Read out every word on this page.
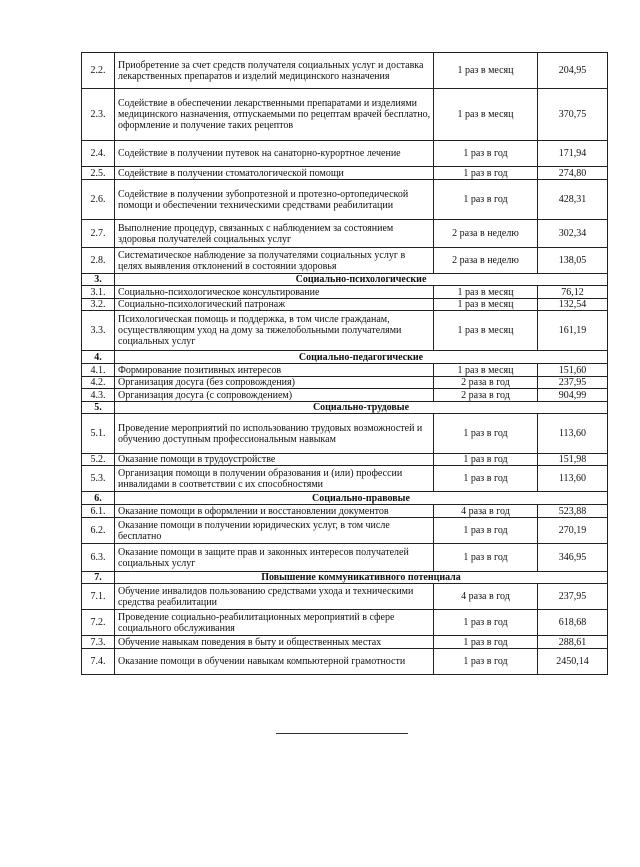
2.2.	Приобретение за счет средств получателя социальных услуг и доставка лекарственных препаратов и изделий медицинского назначения	1 раз в месяц	204,95
2.3.	Содействие в обеспечении лекарственными препаратами и изделиями медицинского назначения, отпускаемыми по рецептам врачей бесплатно, оформление и получение таких рецептов	1 раз в месяц	370,75
2.4.	Содействие в получении путевок на санаторно-курортное лечение	1 раз в год	171,94
2.5.	Содействие в получении стоматологической помощи	1 раз в год	274,80
2.6.	Содействие в получении зубопротезной и протезно-ортопедической помощи и обеспечении техническими средствами реабилитации	1 раз в год	428,31
2.7.	Выполнение процедур, связанных с наблюдением за состоянием здоровья получателей социальных услуг	2 раза в неделю	302,34
2.8.	Систематическое наблюдение за получателями социальных услуг в целях выявления отклонений в состоянии здоровья	2 раза в неделю	138,05
3.	Социально-психологические		
3.1.	Социально-психологическое консультирование	1 раз в месяц	76,12
3.2.	Социально-психологический патронаж	1 раз в месяц	132,54
3.3.	Психологическая помощь и поддержка, в том числе гражданам, осуществляющим уход на дому за тяжелобольными получателями социальных услуг	1 раз в месяц	161,19
4.	Социально-педагогические		
4.1.	Формирование позитивных интересов	1 раз в месяц	151,60
4.2.	Организация досуга (без сопровождения)	2 раза в год	237,95
4.3.	Организация досуга (с сопровождением)	2 раза в год	904,99
5.	Социально-трудовые		
5.1.	Проведение мероприятий по использованию трудовых возможностей и обучению доступным профессиональным навыкам	1 раз в год	113,60
5.2.	Оказание помощи в трудоустройстве	1 раз в год	151,98
5.3.	Организация помощи в получении образования и (или) профессии инвалидами в соответствии с их способностями	1 раз в год	113,60
6.	Социально-правовые		
6.1.	Оказание помощи в оформлении и восстановлении документов	4 раза в год	523,88
6.2.	Оказание помощи в получении юридических услуг, в том числе бесплатно	1 раз в год	270,19
6.3.	Оказание помощи в защите прав и законных интересов получателей социальных услуг	1 раз в год	346,95
7.	Повышение коммуникативного потенциала		
7.1.	Обучение инвалидов пользованию средствами ухода и техническими средства реабилитации	4 раза в год	237,95
7.2.	Проведение социально-реабилитационных мероприятий в сфере социального обслуживания	1 раз в год	618,68
7.3.	Обучение навыкам поведения в быту и общественных местах	1 раз в год	288,61
7.4.	Оказание помощи в обучении навыкам компьютерной грамотности	1 раз в год	2450,14
